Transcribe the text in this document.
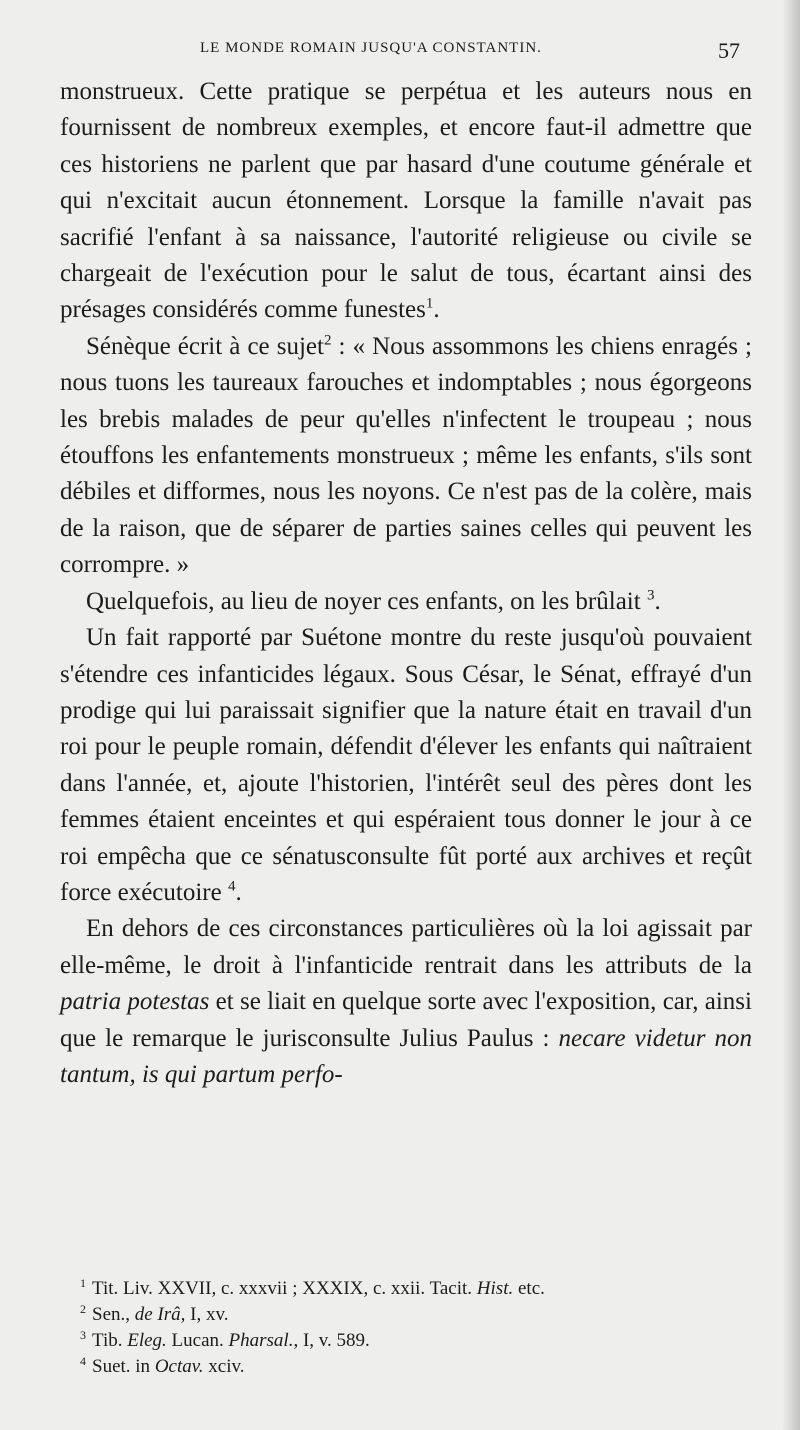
LE MONDE ROMAIN JUSQU'A CONSTANTIN.	57

monstrueux. Cette pratique se perpétua et les auteurs nous en fournissent de nombreux exemples, et encore faut-il admettre que ces historiens ne parlent que par hasard d'une coutume générale et qui n'excitait aucun étonnement. Lorsque la famille n'avait pas sacrifié l'enfant à sa naissance, l'autorité religieuse ou civile se chargeait de l'exécution pour le salut de tous, écartant ainsi des présages considérés comme funestes$^1$.

Sénèque écrit à ce sujet$^2$ : « Nous assommons les chiens enragés ; nous tuons les taureaux farouches et indomptables ; nous égorgeons les brebis malades de peur qu'elles n'infectent le troupeau ; nous étouffons les enfantements monstrueux ; même les enfants, s'ils sont débiles et difformes, nous les noyons. Ce n'est pas de la colère, mais de la raison, que de séparer de parties saines celles qui peuvent les corrompre. »

Quelquefois, au lieu de noyer ces enfants, on les brûlait $^3$.

Un fait rapporté par Suétone montre du reste jusqu'où pouvaient s'étendre ces infanticides légaux. Sous César, le Sénat, effrayé d'un prodige qui lui paraissait signifier que la nature était en travail d'un roi pour le peuple romain, défendit d'élever les enfants qui naîtraient dans l'année, et, ajoute l'historien, l'intérêt seul des pères dont les femmes étaient enceintes et qui espéraient tous donner le jour à ce roi empêcha que ce sénatusconsulte fût porté aux archives et reçût force exécutoire $^4$.

En dehors de ces circonstances particulières où la loi agissait par elle-même, le droit à l'infanticide rentrait dans les attributs de la patria potestas et se liait en quelque sorte avec l'exposition, car, ainsi que le remarque le jurisconsulte Julius Paulus : necare videtur non tantum, is qui partum perfo-

$^1$ Tit. Liv. XXVII, c. xxxvii ; XXXIX, c. xxii. Tacit. Hist. etc.
$^2$ Sen., de Irâ, I, xv.
$^3$ Tib. Eleg. Lucan. Pharsal., I, v. 589.
$^4$ Suet. in Octav. xciv.
